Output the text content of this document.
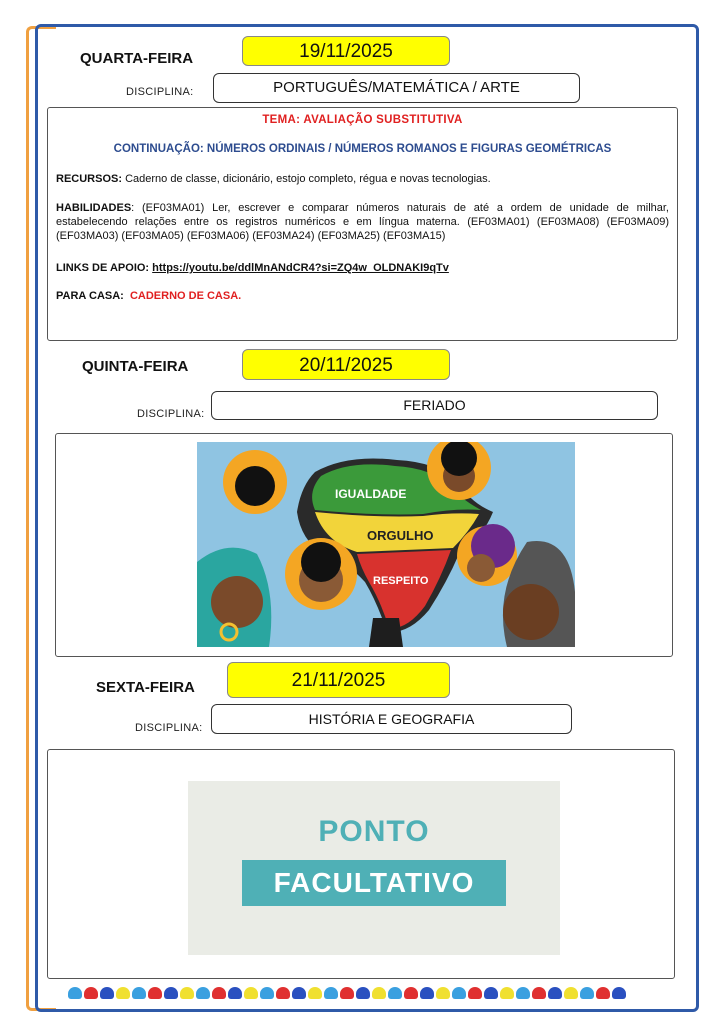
QUARTA-FEIRA	19/11/2025
DISCIPLINA:	PORTUGUÊS/MATEMÁTICA / ARTE
TEMA: AVALIAÇÃO SUBSTITUTIVA
CONTINUAÇÃO: NÚMEROS ORDINAIS / NÚMEROS ROMANOS E FIGURAS GEOMÉTRICAS
RECURSOS: Caderno de classe, dicionário, estojo completo, régua e novas tecnologias.
HABILIDADES: (EF03MA01) Ler, escrever e comparar números naturais de até a ordem de unidade de milhar, estabelecendo relações entre os registros numéricos e em língua materna. (EF03MA01) (EF03MA08) (EF03MA09) (EF03MA03) (EF03MA05) (EF03MA06) (EF03MA24) (EF03MA25) (EF03MA15)
LINKS DE APOIO: https://youtu.be/ddlMnANdCR4?si=ZQ4w_OLDNAKI9qTv
PARA CASA: CADERNO DE CASA.
QUINTA-FEIRA	20/11/2025
DISCIPLINA:
FERIADO
IGUALDADE
ORGULHO
RESPEITO
SEXTA-FEIRA	21/11/2025
DISCIPLINA:
HISTÓRIA E GEOGRAFIA
PONTO
FACULTATIVO
